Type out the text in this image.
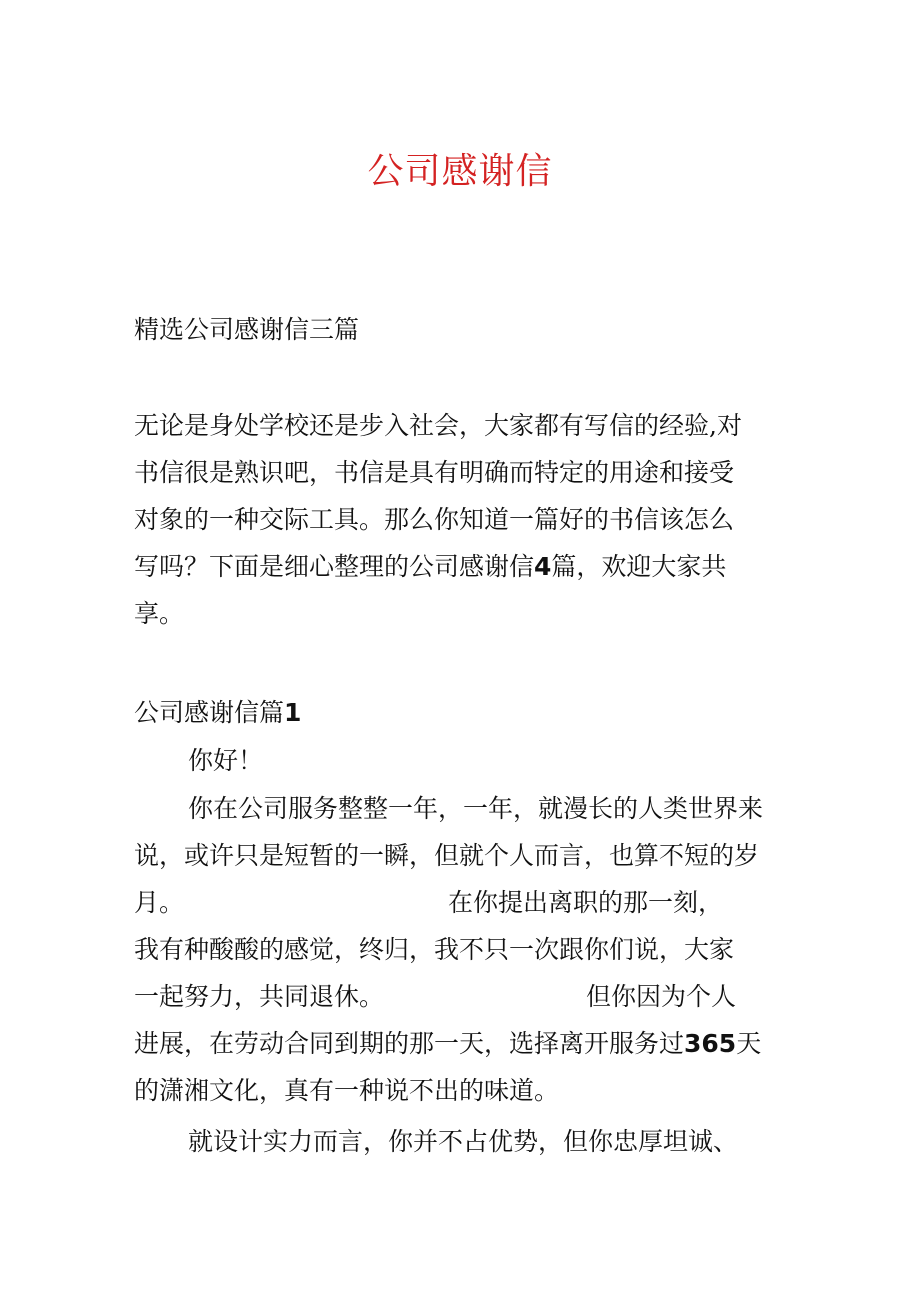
公司感谢信

精选公司感谢信三篇

无论是身处学校还是步入社会，大家都有写信的经验,对

书信很是熟识吧，书信是具有明确而特定的用途和接受

对象的一种交际工具。那么你知道一篇好的书信该怎么

写吗？下面是细心整理的公司感谢信4篇，欢迎大家共

享。

公司感谢信篇1

你好！

你在公司服务整整一年，一年，就漫长的人类世界来

说，或许只是短暂的一瞬，但就个人而言，也算不短的岁

月。	在你提出离职的那一刻，

我有种酸酸的感觉，终归，我不只一次跟你们说，大家

一起努力，共同退休。	但你因为个人

进展，在劳动合同到期的那一天，选择离开服务过365天

的潇湘文化，真有一种说不出的味道。

就设计实力而言，你并不占优势，但你忠厚坦诚、
